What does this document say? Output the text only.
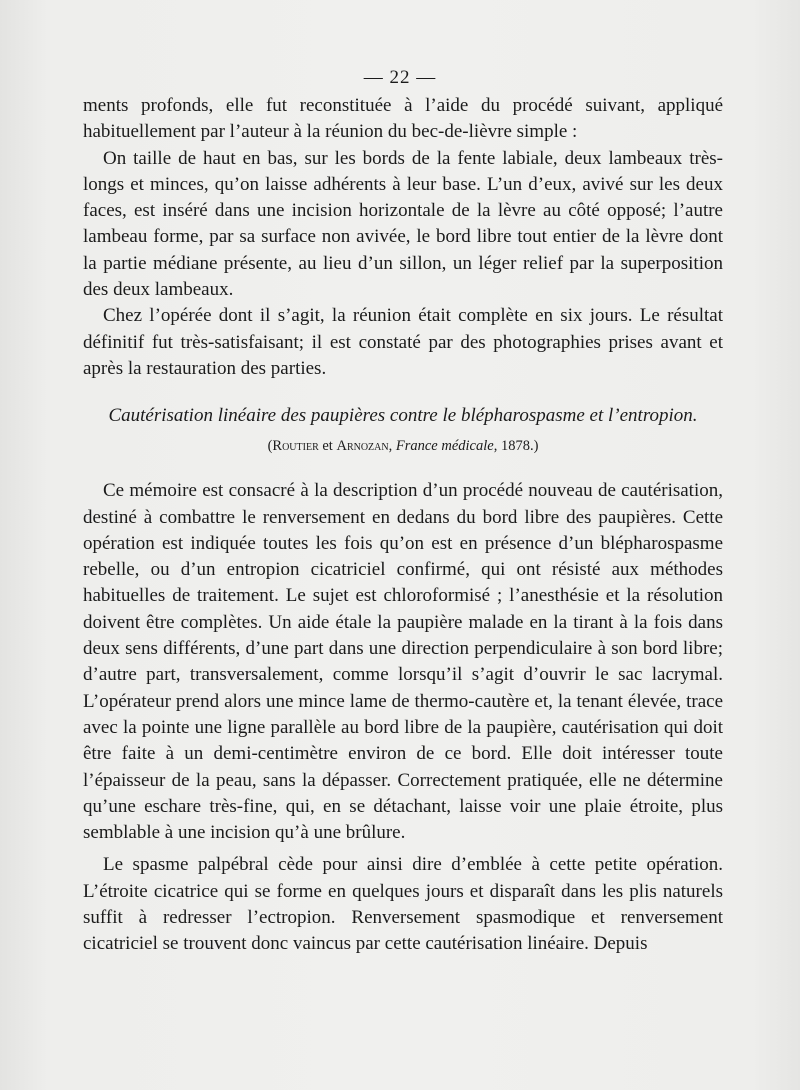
— 22 —

ments profonds, elle fut reconstituée à l’aide du procédé suivant, appliqué habituellement par l’auteur à la réunion du bec-de-lièvre simple :

On taille de haut en bas, sur les bords de la fente labiale, deux lambeaux très-longs et minces, qu’on laisse adhérents à leur base. L’un d’eux, avivé sur les deux faces, est inséré dans une incision horizontale de la lèvre au côté opposé; l’autre lambeau forme, par sa surface non avivée, le bord libre tout entier de la lèvre dont la partie médiane présente, au lieu d’un sillon, un léger relief par la superposition des deux lambeaux.

Chez l’opérée dont il s’agit, la réunion était complète en six jours. Le résultat définitif fut très-satisfaisant; il est constaté par des photographies prises avant et après la restauration des parties.

Cautérisation linéaire des paupières contre le blépharospasme et l’entropion.
(Routier et Arnozan, France médicale, 1878.)

Ce mémoire est consacré à la description d’un procédé nouveau de cautérisation, destiné à combattre le renversement en dedans du bord libre des paupières. Cette opération est indiquée toutes les fois qu’on est en présence d’un blépharospasme rebelle, ou d’un entropion cicatriciel confirmé, qui ont résisté aux méthodes habituelles de traitement. Le sujet est chloroformisé ; l’anesthésie et la résolution doivent être complètes. Un aide étale la paupière malade en la tirant à la fois dans deux sens différents, d’une part dans une direction perpendiculaire à son bord libre; d’autre part, transversalement, comme lorsqu’il s’agit d’ouvrir le sac lacrymal. L’opérateur prend alors une mince lame de thermo-cautère et, la tenant élevée, trace avec la pointe une ligne parallèle au bord libre de la paupière, cautérisation qui doit être faite à un demi-centimètre environ de ce bord. Elle doit intéresser toute l’épaisseur de la peau, sans la dépasser. Correctement pratiquée, elle ne détermine qu’une eschare très-fine, qui, en se détachant, laisse voir une plaie étroite, plus semblable à une incision qu’à une brûlure.

Le spasme palpébral cède pour ainsi dire d’emblée à cette petite opération. L’étroite cicatrice qui se forme en quelques jours et disparaît dans les plis naturels suffit à redresser l’ectropion. Renversement spasmodique et renversement cicatriciel se trouvent donc vaincus par cette cautérisation linéaire. Depuis
